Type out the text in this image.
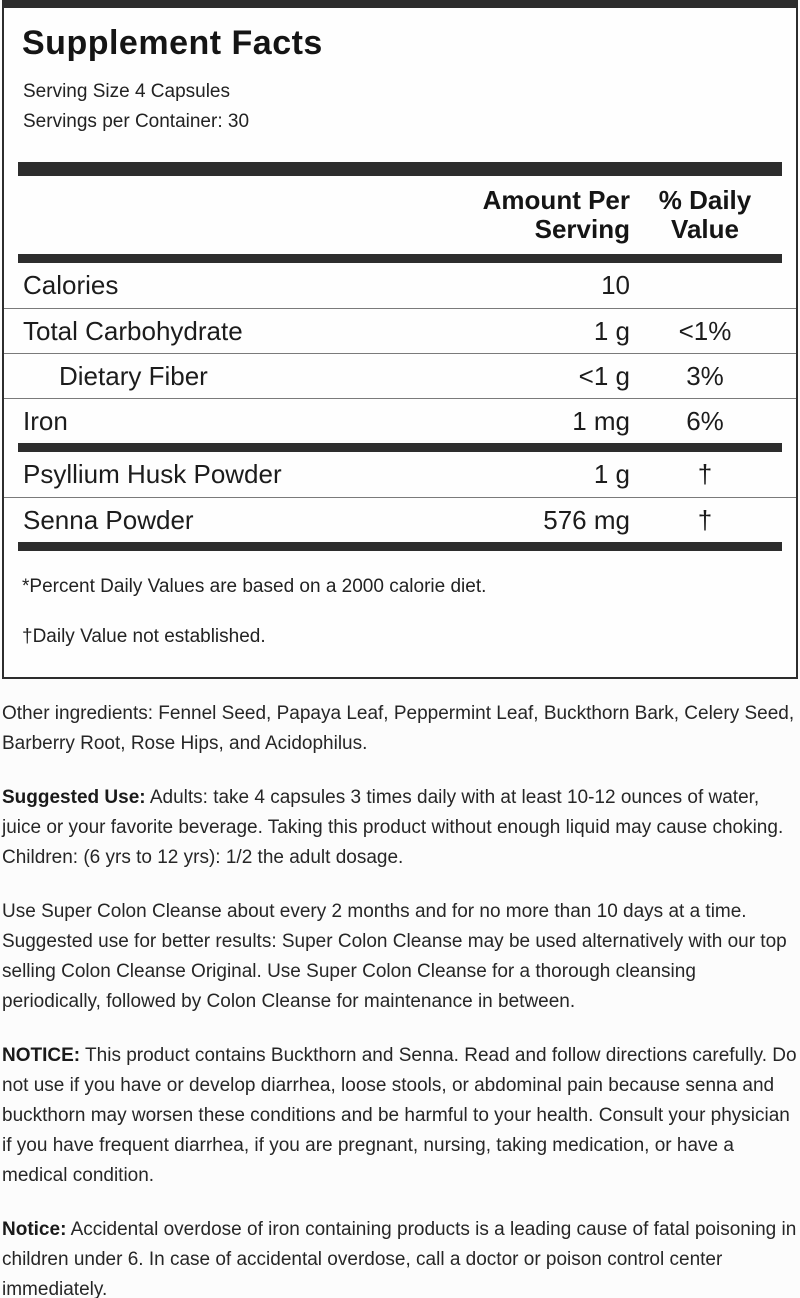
Supplement Facts
Serving Size 4 Capsules
Servings per Container: 30
Amount Per
Serving
% Daily
Value
Calories	10
Total Carbohydrate	1 g	<1%
Dietary Fiber	<1 g	3%
Iron	1 mg	6%
Psyllium Husk Powder	1 g	†
Senna Powder	576 mg	†
*Percent Daily Values are based on a 2000 calorie diet.
†Daily Value not established.

Other ingredients: Fennel Seed, Papaya Leaf, Peppermint Leaf, Buckthorn Bark, Celery Seed, Barberry Root, Rose Hips, and Acidophilus.

Suggested Use: Adults: take 4 capsules 3 times daily with at least 10-12 ounces of water, juice or your favorite beverage. Taking this product without enough liquid may cause choking. Children: (6 yrs to 12 yrs): 1/2 the adult dosage.

Use Super Colon Cleanse about every 2 months and for no more than 10 days at a time. Suggested use for better results: Super Colon Cleanse may be used alternatively with our top selling Colon Cleanse Original. Use Super Colon Cleanse for a thorough cleansing periodically, followed by Colon Cleanse for maintenance in between.

NOTICE: This product contains Buckthorn and Senna. Read and follow directions carefully. Do not use if you have or develop diarrhea, loose stools, or abdominal pain because senna and buckthorn may worsen these conditions and be harmful to your health. Consult your physician if you have frequent diarrhea, if you are pregnant, nursing, taking medication, or have a medical condition.

Notice: Accidental overdose of iron containing products is a leading cause of fatal poisoning in children under 6. In case of accidental overdose, call a doctor or poison control center immediately.
